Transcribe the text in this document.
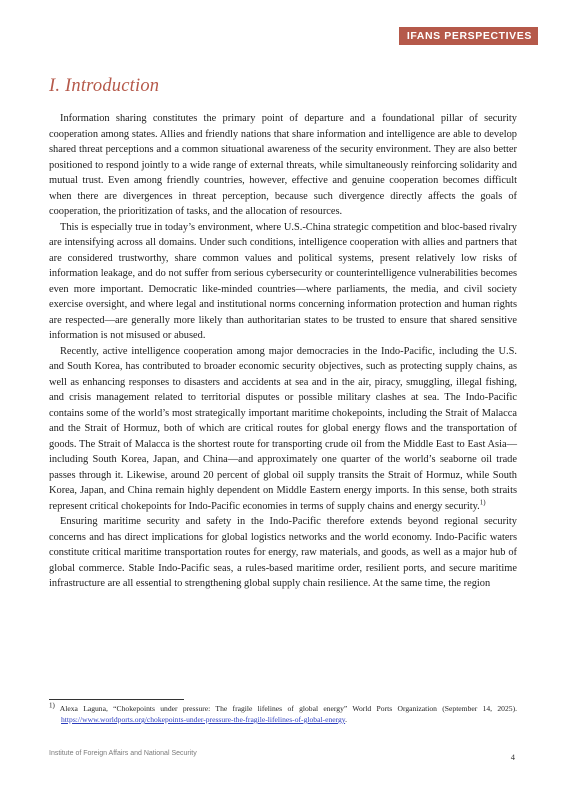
IFANS PERSPECTIVES
I. Introduction

Information sharing constitutes the primary point of departure and a foundational pillar of security cooperation among states. Allies and friendly nations that share information and intelligence are able to develop shared threat perceptions and a common situational awareness of the security environment. They are also better positioned to respond jointly to a wide range of external threats, while simultaneously reinforcing solidarity and mutual trust. Even among friendly countries, however, effective and genuine cooperation becomes difficult when there are divergences in threat perception, because such divergence directly affects the goals of cooperation, the prioritization of tasks, and the allocation of resources.

This is especially true in today’s environment, where U.S.-China strategic competition and bloc-based rivalry are intensifying across all domains. Under such conditions, intelligence cooperation with allies and partners that are considered trustworthy, share common values and political systems, present relatively low risks of information leakage, and do not suffer from serious cybersecurity or counterintelligence vulnerabilities becomes even more important. Democratic like-minded countries—where parliaments, the media, and civil society exercise oversight, and where legal and institutional norms concerning information protection and human rights are respected—are generally more likely than authoritarian states to be trusted to ensure that shared sensitive information is not misused or abused.

Recently, active intelligence cooperation among major democracies in the Indo-Pacific, including the U.S. and South Korea, has contributed to broader economic security objectives, such as protecting supply chains, as well as enhancing responses to disasters and accidents at sea and in the air, piracy, smuggling, illegal fishing, and crisis management related to territorial disputes or possible military clashes at sea. The Indo-Pacific contains some of the world’s most strategically important maritime chokepoints, including the Strait of Malacca and the Strait of Hormuz, both of which are critical routes for global energy flows and the transportation of goods. The Strait of Malacca is the shortest route for transporting crude oil from the Middle East to East Asia—including South Korea, Japan, and China—and approximately one quarter of the world’s seaborne oil trade passes through it. Likewise, around 20 percent of global oil supply transits the Strait of Hormuz, while South Korea, Japan, and China remain highly dependent on Middle Eastern energy imports. In this sense, both straits represent critical chokepoints for Indo-Pacific economies in terms of supply chains and energy security.$^{1)}$

Ensuring maritime security and safety in the Indo-Pacific therefore extends beyond regional security concerns and has direct implications for global logistics networks and the world economy. Indo-Pacific waters constitute critical maritime transportation routes for energy, raw materials, and goods, as well as a major hub of global commerce. Stable Indo-Pacific seas, a rules-based maritime order, resilient ports, and secure maritime infrastructure are all essential to strengthening global supply chain resilience. At the same time, the region

$^{1)}$ Alexa Laguna, “Chokepoints under pressure: The fragile lifelines of global energy” World Ports Organization (September 14, 2025). https://www.worldports.org/chokepoints-under-pressure-the-fragile-lifelines-of-global-energy.
Institute of Foreign Affairs and National Security	4
